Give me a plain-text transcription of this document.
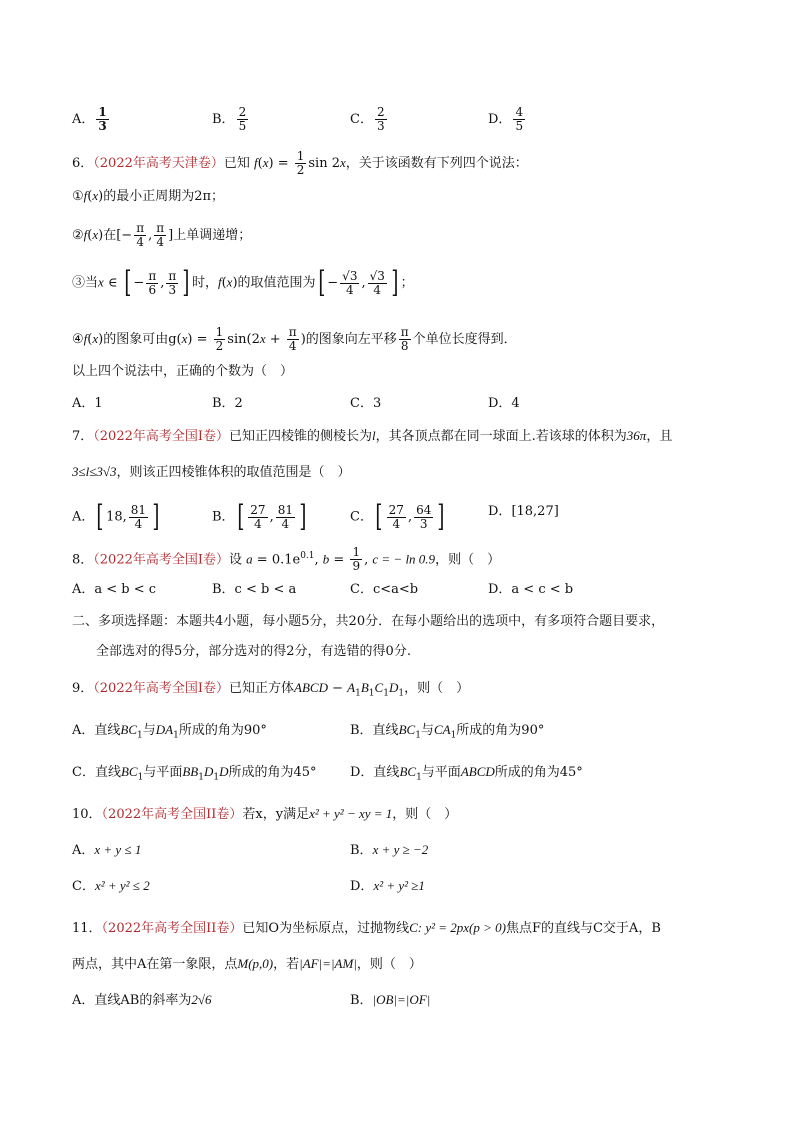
A． $\frac{1}{3}$	B． $\frac{2}{5}$	C． $\frac{2}{3}$	D． $\frac{4}{5}$
6．（2022年高考天津卷）已知 $f(x) = \frac{1}{2}$ sin 2x，关于该函数有下列四个说法：
①f(x)的最小正周期为2π；
②f(x)在[− $\frac{\pi}{4}$ , $\frac{\pi}{4}$ ]上单调递增；
③当x ∈ [ − $\frac{\pi}{6}$ , $\frac{\pi}{3}$ ] 时，f(x)的取值范围为[ − $\frac{√3}{4}$ , $\frac{√3}{4}$ ] ；
④f(x)的图象可由$g(x) = \frac{1}{2} \sin(2x + \frac{\pi}{4}$ )的图象向左平移 $\frac{\pi}{8}$ 个单位长度得到．
以上四个说法中，正确的个数为（　）
A．1	B．2	C．3	D．4
7．（2022年高考全国I卷）已知正四棱锥的侧棱长为l，其各顶点都在同一球面上.若该球的体积为36π，且
3≤l≤3√3，则该正四棱锥体积的取值范围是（　）
A．[ 18, $\frac{81}{4}$ ]	B．[ $\frac{27}{4}$ , $\frac{81}{4}$ ]	C．[ $\frac{27}{4}$ , $\frac{64}{3}$ ]	D．[18,27]
8．（2022年高考全国I卷）设 $a = 0.1e^{0.1}$, $b = \frac{1}{9}$ , c = − ln 0.9，则（　）
A．a < b < c	B．c < b < a	C．c<a<b	D．a < c < b
二、多项选择题：本题共4小题，每小题5分，共20分．在每小题给出的选项中，有多项符合题目要求，
全部选对的得5分，部分选对的得2分，有选错的得0分.
9．（2022年高考全国I卷）已知正方体ABCD − $A_1B_1C_1D_1$，则（　）
A．直线$BC_1$与$DA_1$所成的角为90°	B．直线$BC_1$与$CA_1$所成的角为90°
C．直线$BC_1$与平面$BB_1D_1D$所成的角为45°	D．直线$BC_1$与平面ABCD所成的角为45°
10．（2022年高考全国II卷）若x，y满足x² + y² − xy = 1，则（　）
A．x + y ≤ 1	B．x + y ≥ −2
C．x² + y² ≤ 2	D．x² + y² ≥1
11．（2022年高考全国II卷）已知O为坐标原点，过抛物线C: y² = 2px(p > 0)焦点F的直线与C交于A，B
两点，其中A在第一象限，点M(p,0)，若|AF|=|AM|，则（　）
A．直线AB的斜率为2√6	B．|OB|=|OF|
